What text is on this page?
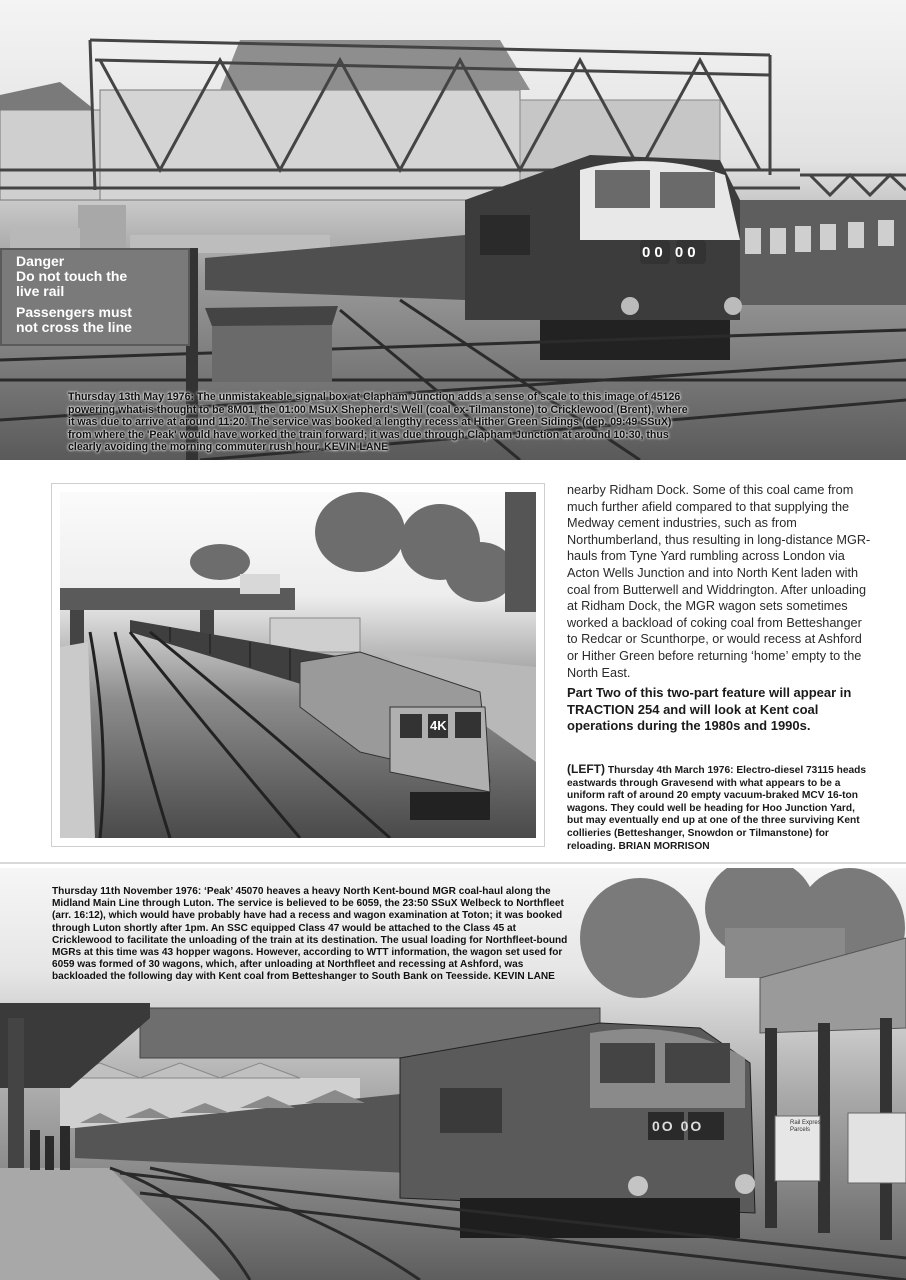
Danger
Do not touch the live rail
Passengers must not cross the line
00 00
Thursday 13th May 1976: The unmistakeable signal box at Clapham Junction adds a sense of scale to this image of 45126 powering what is thought to be 8M01, the 01:00 MSuX Shepherd's Well (coal ex-Tilmanstone) to Cricklewood (Brent), where it was due to arrive at around 11:20. The service was booked a lengthy recess at Hither Green Sidings (dep. 09:49 SSuX) from where the 'Peak' would have worked the train forward; it was due through Clapham Junction at around 10:30, thus clearly avoiding the morning commuter rush hour. KEVIN LANE
4K
nearby Ridham Dock. Some of this coal came from much further afield compared to that supplying the Medway cement industries, such as from Northumberland, thus resulting in long-distance MGR-hauls from Tyne Yard rumbling across London via Acton Wells Junction and into North Kent laden with coal from Butterwell and Widdrington. After unloading at Ridham Dock, the MGR wagon sets sometimes worked a backload of coking coal from Betteshanger to Redcar or Scunthorpe, or would recess at Ashford or Hither Green before returning ‘home’ empty to the North East.
Part Two of this two-part feature will appear in TRACTION 254 and will look at Kent coal operations during the 1980s and 1990s.
(LEFT) Thursday 4th March 1976: Electro-diesel 73115 heads eastwards through Gravesend with what appears to be a uniform raft of around 20 empty vacuum-braked MCV 16-ton wagons. They could well be heading for Hoo Junction Yard, but may eventually end up at one of the three surviving Kent collieries (Betteshanger, Snowdon or Tilmanstone) for reloading. BRIAN MORRISON
0O 0O	Rail Express Parcels
Thursday 11th November 1976: ‘Peak’ 45070 heaves a heavy North Kent-bound MGR coal-haul along the Midland Main Line through Luton. The service is believed to be 6059, the 23:50 SSuX Welbeck to Northfleet (arr. 16:12), which would have probably have had a recess and wagon examination at Toton; it was booked through Luton shortly after 1pm. An SSC equipped Class 47 would be attached to the Class 45 at Cricklewood to facilitate the unloading of the train at its destination. The usual loading for Northfleet-bound MGRs at this time was 43 hopper wagons. However, according to WTT information, the wagon set used for 6059 was formed of 30 wagons, which, after unloading at Northfleet and recessing at Ashford, was backloaded the following day with Kent coal from Betteshanger to South Bank on Teesside. KEVIN LANE
